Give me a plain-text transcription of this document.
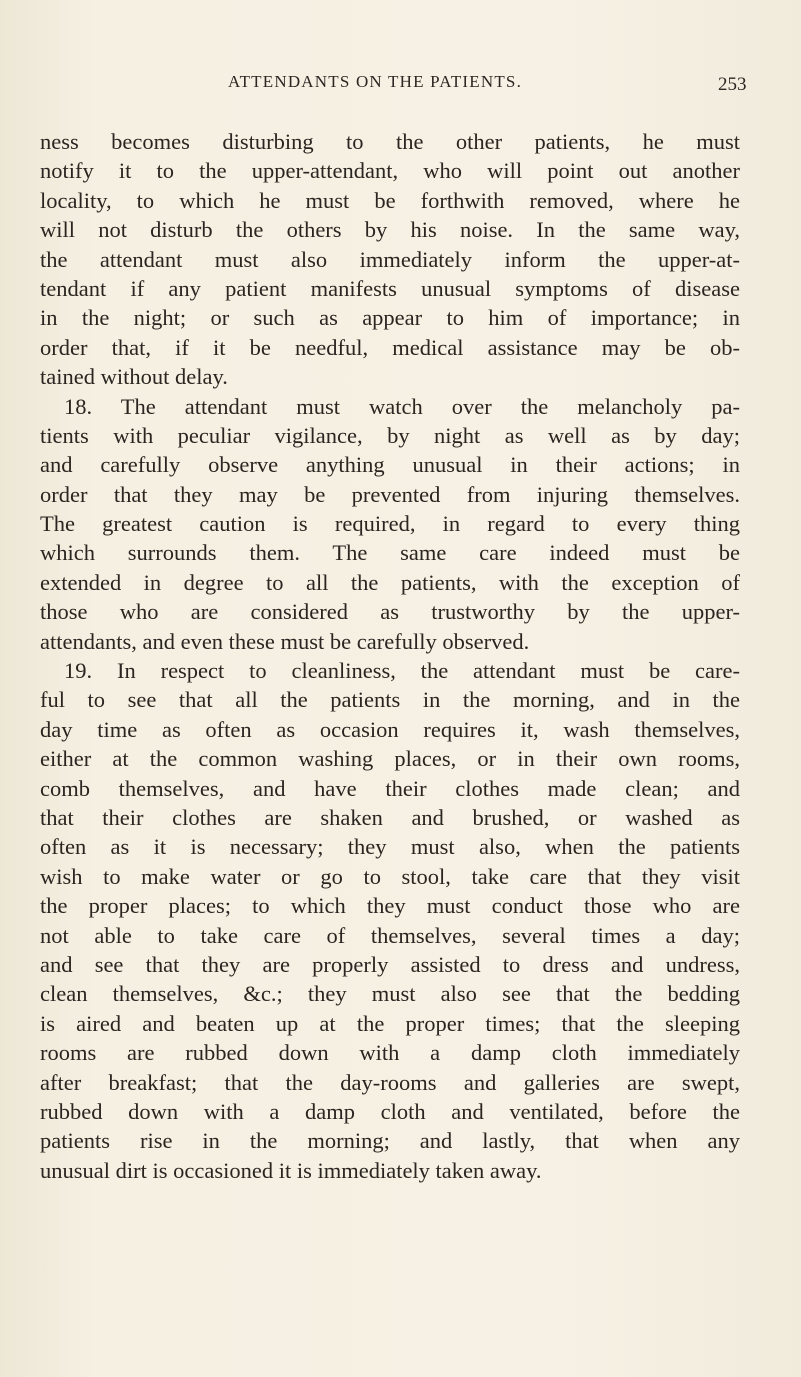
ATTENDANTS ON THE PATIENTS.	253
ness becomes disturbing to the other patients, he must
notify it to the upper-attendant, who will point out another
locality, to which he must be forthwith removed, where he
will not disturb the others by his noise. In the same way,
the attendant must also immediately inform the upper-at-
tendant if any patient manifests unusual symptoms of disease
in the night; or such as appear to him of importance; in
order that, if it be needful, medical assistance may be ob-
tained without delay.
18. The attendant must watch over the melancholy pa-
tients with peculiar vigilance, by night as well as by day;
and carefully observe anything unusual in their actions; in
order that they may be prevented from injuring themselves.
The greatest caution is required, in regard to every thing
which surrounds them. The same care indeed must be
extended in degree to all the patients, with the exception of
those who are considered as trustworthy by the upper-
attendants, and even these must be carefully observed.
19. In respect to cleanliness, the attendant must be care-
ful to see that all the patients in the morning, and in the
day time as often as occasion requires it, wash themselves,
either at the common washing places, or in their own rooms,
comb themselves, and have their clothes made clean; and
that their clothes are shaken and brushed, or washed as
often as it is necessary; they must also, when the patients
wish to make water or go to stool, take care that they visit
the proper places; to which they must conduct those who are
not able to take care of themselves, several times a day;
and see that they are properly assisted to dress and undress,
clean themselves, &c.; they must also see that the bedding
is aired and beaten up at the proper times; that the sleeping
rooms are rubbed down with a damp cloth immediately
after breakfast; that the day-rooms and galleries are swept,
rubbed down with a damp cloth and ventilated, before the
patients rise in the morning; and lastly, that when any
unusual dirt is occasioned it is immediately taken away.
